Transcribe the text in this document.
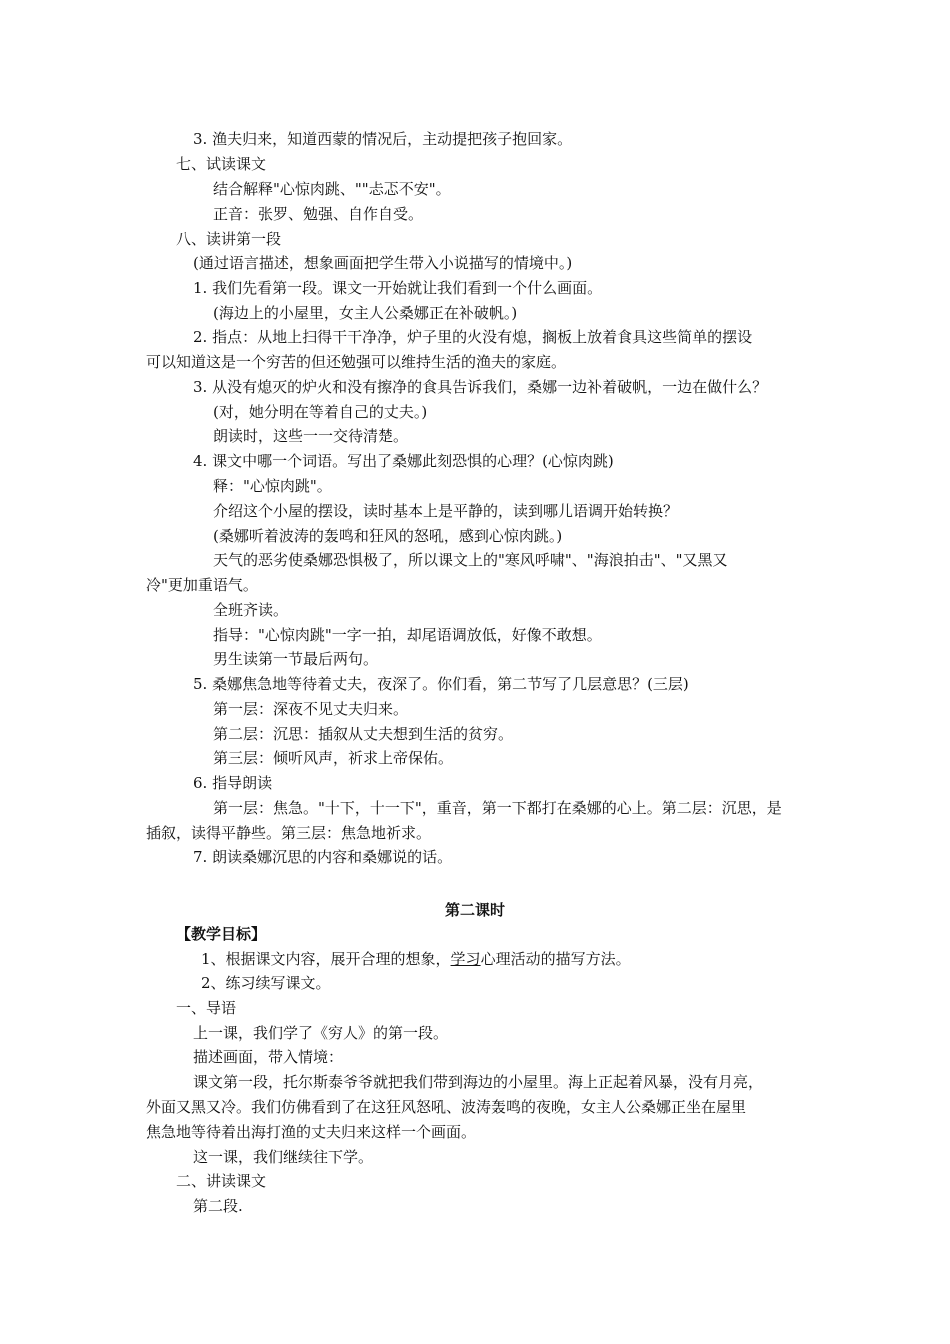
3. 渔夫归来，知道西蒙的情况后，主动提把孩子抱回家。
七、试读课文
结合解释"心惊肉跳、""忐忑不安"。
正音：张罗、勉强、自作自受。
八、读讲第一段
(通过语言描述，想象画面把学生带入小说描写的情境中。)
1. 我们先看第一段。课文一开始就让我们看到一个什么画面。
(海边上的小屋里，女主人公桑娜正在补破帆。)
2. 指点：从地上扫得干干净净，炉子里的火没有熄，搁板上放着食具这些简单的摆设
可以知道这是一个穷苦的但还勉强可以维持生活的渔夫的家庭。
3. 从没有熄灭的炉火和没有擦净的食具告诉我们，桑娜一边补着破帆，一边在做什么？
(对，她分明在等着自己的丈夫。)
朗读时，这些一一交待清楚。
4. 课文中哪一个词语。写出了桑娜此刻恐惧的心理？(心惊肉跳)
释："心惊肉跳"。
介绍这个小屋的摆设，读时基本上是平静的，读到哪儿语调开始转换？
(桑娜听着波涛的轰鸣和狂风的怒吼，感到心惊肉跳。)
天气的恶劣使桑娜恐惧极了，所以课文上的"寒风呼啸"、"海浪拍击"、"又黑又
冷"更加重语气。
全班齐读。
指导："心惊肉跳"一字一拍，却尾语调放低，好像不敢想。
男生读第一节最后两句。
5. 桑娜焦急地等待着丈夫，夜深了。你们看，第二节写了几层意思？(三层)
第一层：深夜不见丈夫归来。
第二层：沉思：插叙从丈夫想到生活的贫穷。
第三层：倾听风声，祈求上帝保佑。
6. 指导朗读
第一层：焦急。"十下，十一下"，重音，第一下都打在桑娜的心上。第二层：沉思，是
插叙，读得平静些。第三层：焦急地祈求。
7. 朗读桑娜沉思的内容和桑娜说的话。
第二课时
【教学目标】
1、根据课文内容，展开合理的想象，学习心理活动的描写方法。
2、练习续写课文。
一、导语
上一课，我们学了《穷人》的第一段。
描述画面，带入情境：
课文第一段，托尔斯泰爷爷就把我们带到海边的小屋里。海上正起着风暴，没有月亮，
外面又黑又冷。我们仿佛看到了在这狂风怒吼、波涛轰鸣的夜晚，女主人公桑娜正坐在屋里
焦急地等待着出海打渔的丈夫归来这样一个画面。
这一课，我们继续往下学。
二、讲读课文
第二段.
